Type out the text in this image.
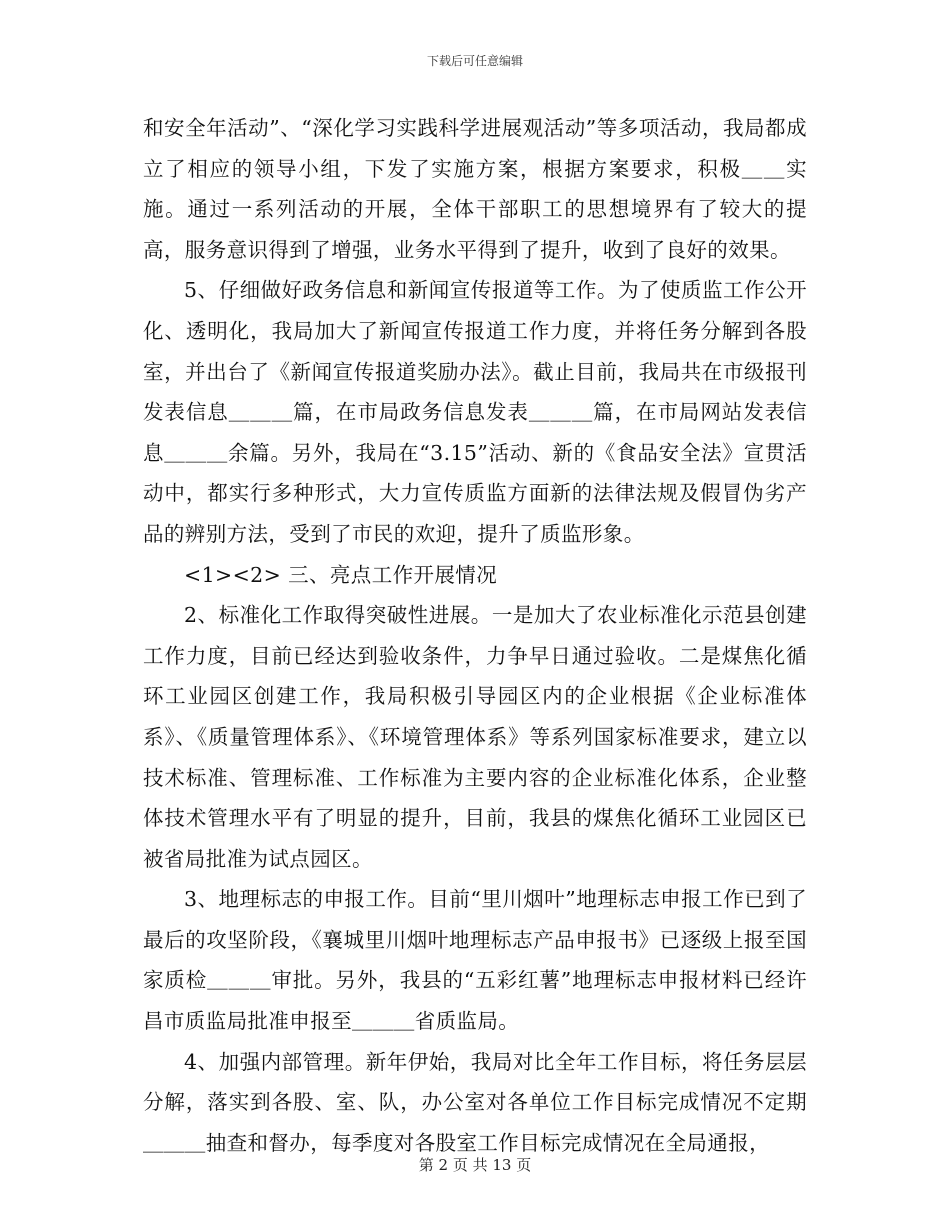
下载后可任意编辑

和安全年活动”、“深化学习实践科学进展观活动”等多项活动，我局都成立了相应的领导小组，下发了实施方案，根据方案要求，积极＿＿实施。通过一系列活动的开展，全体干部职工的思想境界有了较大的提高，服务意识得到了增强，业务水平得到了提升，收到了良好的效果。

5、仔细做好政务信息和新闻宣传报道等工作。为了使质监工作公开化、透明化，我局加大了新闻宣传报道工作力度，并将任务分解到各股室，并出台了《新闻宣传报道奖励办法》。截止目前，我局共在市级报刊发表信息＿＿＿篇，在市局政务信息发表＿＿＿篇，在市局网站发表信息＿＿＿余篇。另外，我局在“3.15”活动、新的《食品安全法》宣贯活动中，都实行多种形式，大力宣传质监方面新的法律法规及假冒伪劣产品的辨别方法，受到了市民的欢迎，提升了质监形象。

<1><2> 三、亮点工作开展情况

2、标准化工作取得突破性进展。一是加大了农业标准化示范县创建工作力度，目前已经达到验收条件，力争早日通过验收。二是煤焦化循环工业园区创建工作，我局积极引导园区内的企业根据《企业标准体系》、《质量管理体系》、《环境管理体系》等系列国家标准要求，建立以技术标准、管理标准、工作标准为主要内容的企业标准化体系，企业整体技术管理水平有了明显的提升，目前，我县的煤焦化循环工业园区已被省局批准为试点园区。

3、地理标志的申报工作。目前“里川烟叶”地理标志申报工作已到了最后的攻坚阶段，《襄城里川烟叶地理标志产品申报书》已逐级上报至国家质检＿＿＿审批。另外，我县的“五彩红薯”地理标志申报材料已经许昌市质监局批准申报至＿＿＿省质监局。

4、加强内部管理。新年伊始，我局对比全年工作目标，将任务层层分解，落实到各股、室、队，办公室对各单位工作目标完成情况不定期＿＿＿抽查和督办，每季度对各股室工作目标完成情况在全局通报，

第 2 页 共 13 页
